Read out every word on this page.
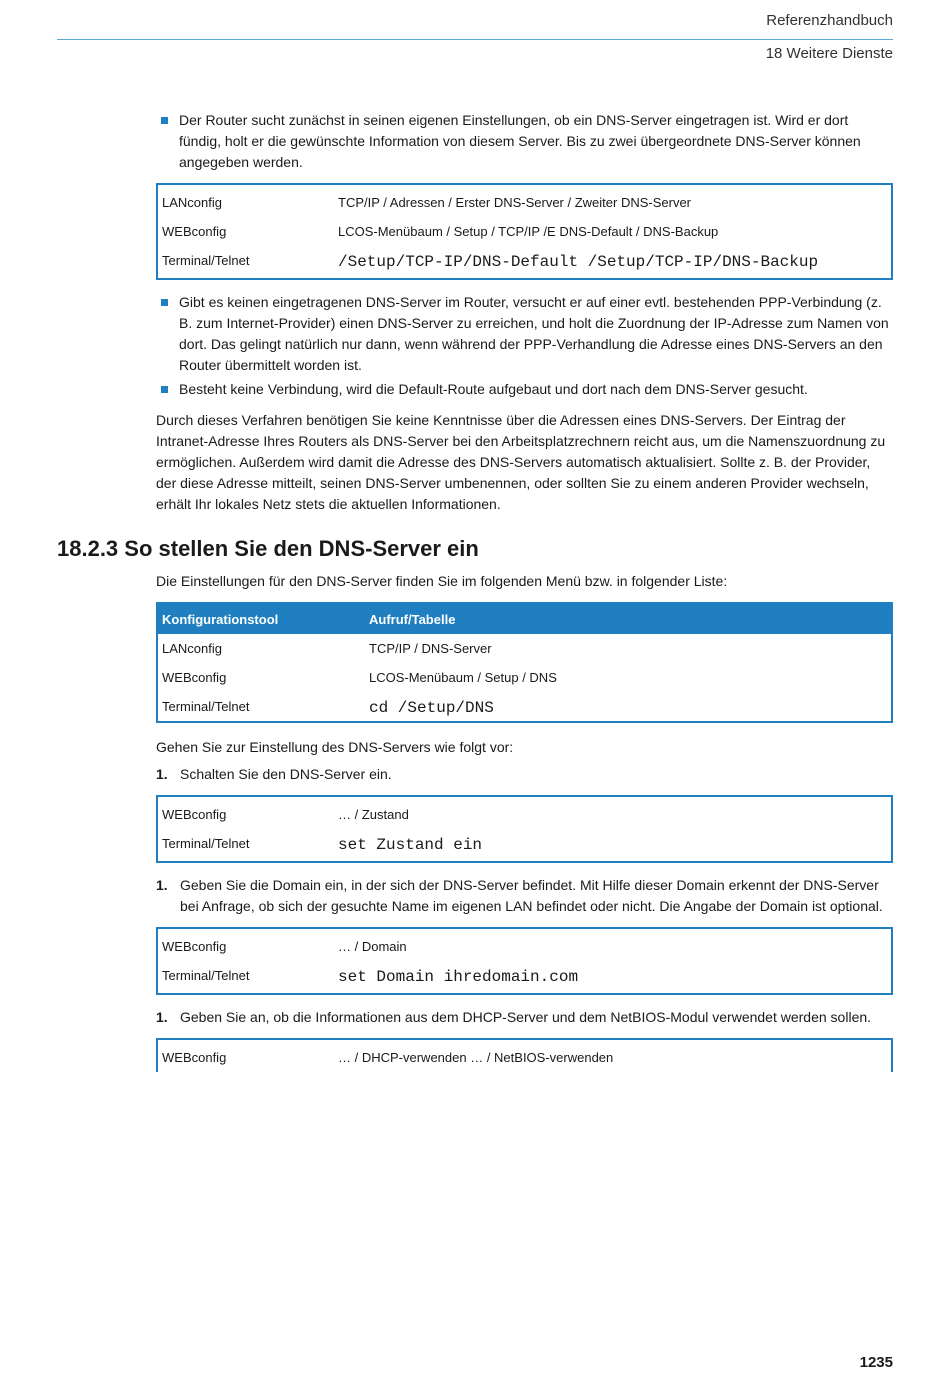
Referenzhandbuch
18 Weitere Dienste
Der Router sucht zunächst in seinen eigenen Einstellungen, ob ein DNS-Server eingetragen ist. Wird er dort fündig, holt er die gewünschte Information von diesem Server. Bis zu zwei übergeordnete DNS-Server können angegeben werden.
LANconfig	TCP/IP / Adressen / Erster DNS-Server / Zweiter DNS-Server
WEBconfig	LCOS-Menübaum / Setup / TCP/IP /E DNS-Default / DNS-Backup
Terminal/Telnet	/Setup/TCP-IP/DNS-Default /Setup/TCP-IP/DNS-Backup
Gibt es keinen eingetragenen DNS-Server im Router, versucht er auf einer evtl. bestehenden PPP-Verbindung (z. B. zum Internet-Provider) einen DNS-Server zu erreichen, und holt die Zuordnung der IP-Adresse zum Namen von dort. Das gelingt natürlich nur dann, wenn während der PPP-Verhandlung die Adresse eines DNS-Servers an den Router übermittelt worden ist.
Besteht keine Verbindung, wird die Default-Route aufgebaut und dort nach dem DNS-Server gesucht.

Durch dieses Verfahren benötigen Sie keine Kenntnisse über die Adressen eines DNS-Servers. Der Eintrag der Intranet-Adresse Ihres Routers als DNS-Server bei den Arbeitsplatzrechnern reicht aus, um die Namenszuordnung zu ermöglichen. Außerdem wird damit die Adresse des DNS-Servers automatisch aktualisiert. Sollte z. B. der Provider, der diese Adresse mitteilt, seinen DNS-Server umbenennen, oder sollten Sie zu einem anderen Provider wechseln, erhält Ihr lokales Netz stets die aktuellen Informationen.

Die Einstellungen für den DNS-Server finden Sie im folgenden Menü bzw. in folgender Liste:

Konfigurationstool	Aufruf/Tabelle
LANconfig	TCP/IP / DNS-Server
WEBconfig	LCOS-Menübaum / Setup / DNS
Terminal/Telnet	cd /Setup/DNS

Gehen Sie zur Einstellung des DNS-Servers wie folgt vor:

1. Schalten Sie den DNS-Server ein.
WEBconfig	… / Zustand
Terminal/Telnet	set Zustand ein
1. Geben Sie die Domain ein, in der sich der DNS-Server befindet. Mit Hilfe dieser Domain erkennt der DNS-Server bei Anfrage, ob sich der gesuchte Name im eigenen LAN befindet oder nicht. Die Angabe der Domain ist optional.
WEBconfig	… / Domain
Terminal/Telnet	set Domain ihredomain.com
1. Geben Sie an, ob die Informationen aus dem DHCP-Server und dem NetBIOS-Modul verwendet werden sollen.
WEBconfig	… / DHCP-verwenden … / NetBIOS-verwenden
18.2.3 So stellen Sie den DNS-Server ein
1235
